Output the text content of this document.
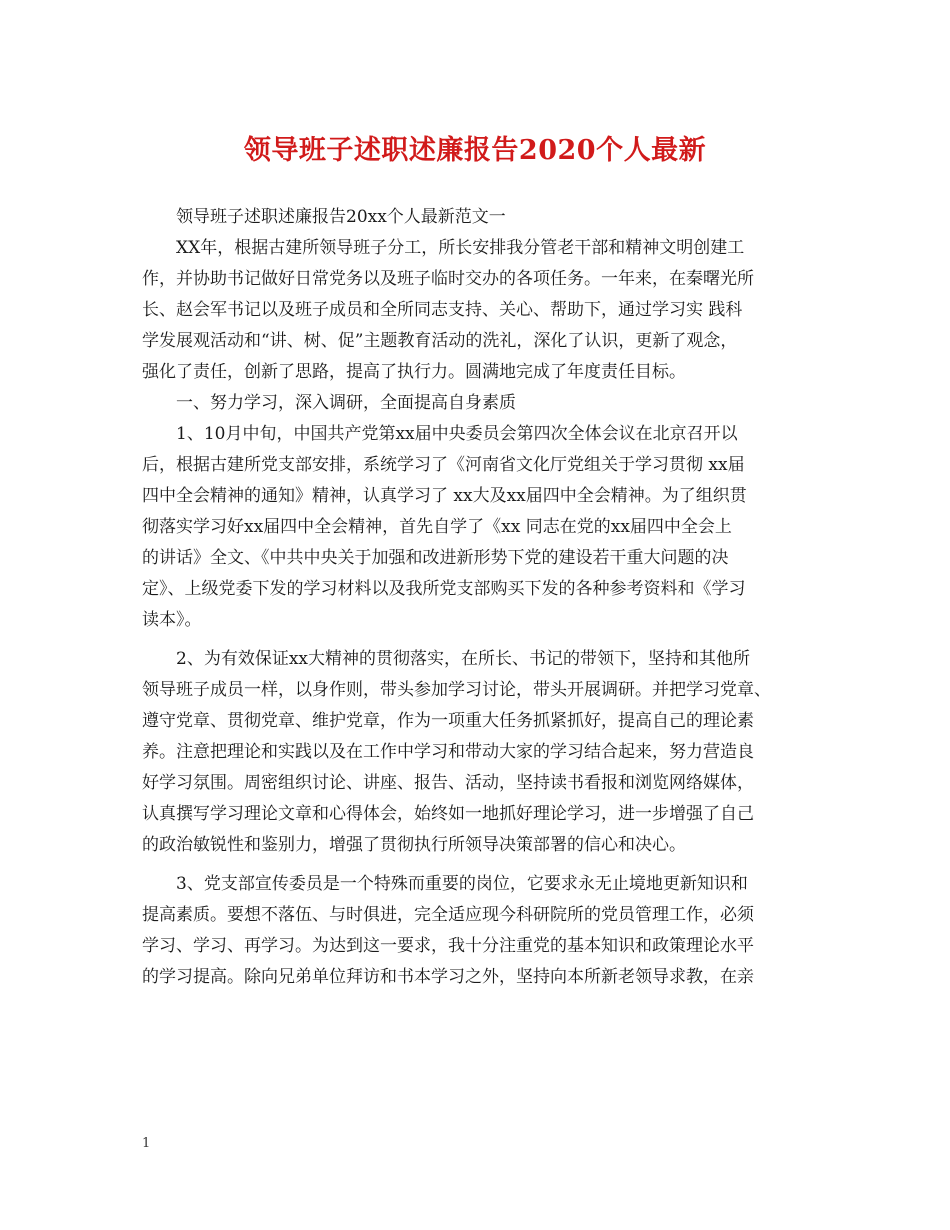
领导班子述职述廉报告2020个人最新
领导班子述职述廉报告20xx个人最新范文一
XX年，根据古建所领导班子分工，所长安排我分管老干部和精神文明创建工
作，并协助书记做好日常党务以及班子临时交办的各项任务。一年来，在秦曙光所
长、赵会军书记以及班子成员和全所同志支持、关心、帮助下，通过学习实 践科
学发展观活动和“讲、树、促”主题教育活动的洗礼，深化了认识，更新了观念，
强化了责任，创新了思路，提高了执行力。圆满地完成了年度责任目标。
一、努力学习，深入调研，全面提高自身素质
1、10月中旬，中国共产党第xx届中央委员会第四次全体会议在北京召开以
后，根据古建所党支部安排，系统学习了《河南省文化厅党组关于学习贯彻 xx届
四中全会精神的通知》精神，认真学习了 xx大及xx届四中全会精神。为了组织贯
彻落实学习好xx届四中全会精神，首先自学了《xx 同志在党的xx届四中全会上
的讲话》全文、《中共中央关于加强和改进新形势下党的建设若干重大问题的决
定》、上级党委下发的学习材料以及我所党支部购买下发的各种参考资料和《学习
读本》。
2、为有效保证xx大精神的贯彻落实，在所长、书记的带领下，坚持和其他所
领导班子成员一样，以身作则，带头参加学习讨论，带头开展调研。并把学习党章、
遵守党章、贯彻党章、维护党章，作为一项重大任务抓紧抓好，提高自己的理论素
养。注意把理论和实践以及在工作中学习和带动大家的学习结合起来，努力营造良
好学习氛围。周密组织讨论、讲座、报告、活动，坚持读书看报和浏览网络媒体，
认真撰写学习理论文章和心得体会，始终如一地抓好理论学习，进一步增强了自己
的政治敏锐性和鉴别力，增强了贯彻执行所领导决策部署的信心和决心。
3、党支部宣传委员是一个特殊而重要的岗位，它要求永无止境地更新知识和
提高素质。要想不落伍、与时俱进，完全适应现今科研院所的党员管理工作，必须
学习、学习、再学习。为达到这一要求，我十分注重党的基本知识和政策理论水平
的学习提高。除向兄弟单位拜访和书本学习之外，坚持向本所新老领导求教，在亲
1
